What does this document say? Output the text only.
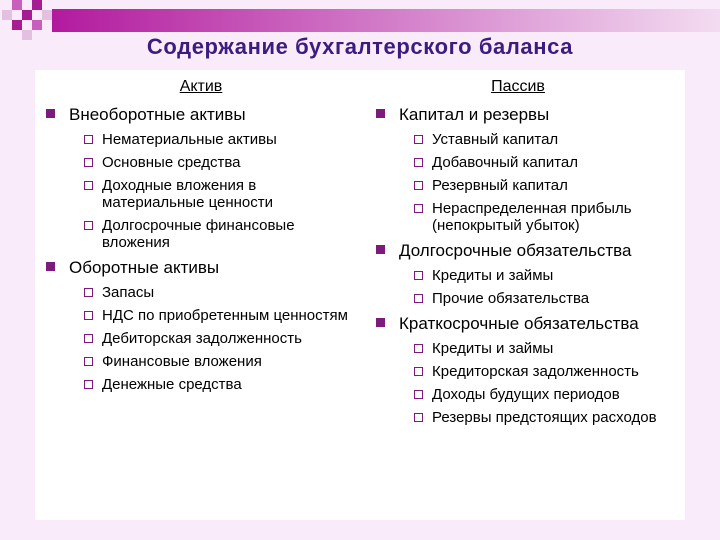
Содержание бухгалтерского баланса
Актив
Внеоборотные активы
Нематериальные активы
Основные средства
Доходные вложения в материальные ценности
Долгосрочные финансовые вложения
Оборотные активы
Запасы
НДС по приобретенным ценностям
Дебиторская задолженность
Финансовые вложения
Денежные средства
Пассив
Капитал и резервы
Уставный капитал
Добавочный капитал
Резервный капитал
Нераспределенная прибыль (непокрытый убыток)
Долгосрочные обязательства
Кредиты и займы
Прочие обязательства
Краткосрочные обязательства
Кредиты и займы
Кредиторская задолженность
Доходы будущих периодов
Резервы предстоящих расходов
